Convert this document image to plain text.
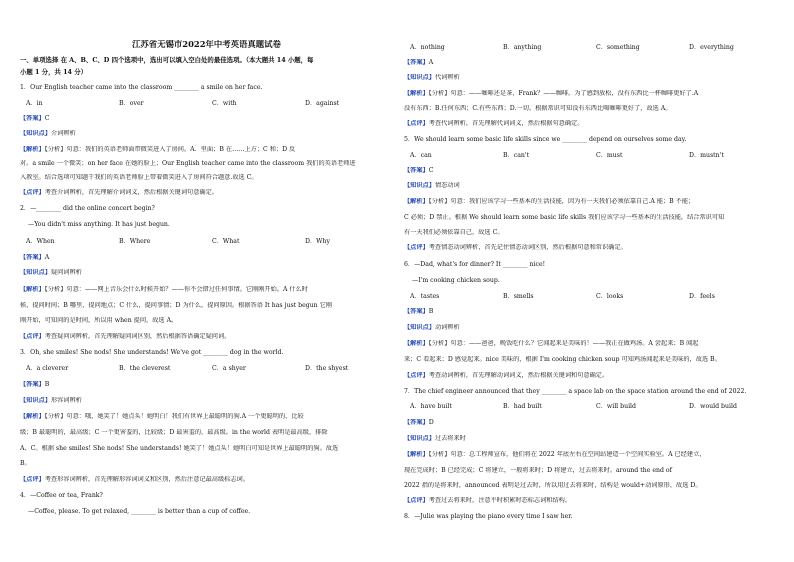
江苏省无锡市2022年中考英语真题试卷
一、单项选择 在 A、B、C、D 四个选项中，选出可以填入空白处的最佳选项。（本大题共 14 小题，每
小题 1 分，共 14 分）
1．Our English teacher came into the classroom ________ a smile on her face.
A．in	B．over	C．with	D．against
【答案】C
【知识点】介词辨析
【解析】【分析】句意：我们的英语老师面带微笑进入了房间。A．里面；B 在……上方；C 和；D 反
对。a smile 一个微笑；on her face 在她的脸上；Our English teacher came into the classroom 我们的英语老师进
入教室。结合选项可知题干我们的英语老师脸上带着微笑进入了房间符合题意.故选 C。
【点评】考查介词辨析，首先理解介词词义，然后根据关键词句意确定。
2．—________ did the online concert begin?
—You didn't miss anything. It has just begun.
A．When	B．Where	C．What	D．Why
【答案】A
【知识点】疑问词辨析
【解析】【分析】句意：——网上音乐会什么时候开始？——你不会错过任何事情。它刚刚开始。A 什么时
候，提问时间；B 哪里，提问地点；C 什么，提问事情；D 为什么，提问原因。根据答语 It has just begun 它刚
刚开始，可知问的是时间，所以用 when 提问，故选 A。
【点评】考查疑问词辨析，首先理解疑问词区别，然后根据答语确定疑问词。
3．Oh, she smiles! She nods! She understands! We've got ________ dog in the world.
A．a cleverer	B．the cleverest	C．a shyer	D．the shyest
【答案】B
【知识点】形容词辨析
【解析】【分析】句意：哦，她笑了！她点头！她明白！我们有世界上最聪明的狗.A 一个更聪明的，比较
级；B 最聪明的，最高级；C 一个更害羞的，比较级；D 最害羞的，最高级。in the world 表明是最高级，排除
A、C。根据 she smiles! She nods! She understands! 她笑了！她点头！她明白可知是世界上最聪明的狗。故选
B。
【点评】考查形容词辨析，首先理解形容词词义和区别，然后注意记最高级标志词。
4．—Coffee or tea, Frank?
—Coffee, please. To get relaxed, ________ is better than a cup of coffee.
A．nothing	B．anything	C．something	D．everything
【答案】A
【知识点】代词辨析
【解析】【分析】句意：——咖啡还是茶，Frank？——咖啡。为了感到放松，没有东西比一杯咖啡更好了.A
没有东西；B.任何东西；C.有些东西；D.一切。根据常识可知没有东西比喝咖啡更好了，故选 A。
【点评】考查代词辨析，首先理解代词词义，然后根据句意确定。
5．We should learn some basic life skills since we ________ depend on ourselves some day.
A．can	B．can't	C．must	D．mustn't
【答案】C
【知识点】情态动词
【解析】【分析】句意：我们应该学习一些基本的生活技能，因为有一天我们必须依靠自己.A 能；B 不能；
C 必须；D 禁止。根据 We should learn some basic life skills 我们应该学习一些基本的生活技能，结合常识可知
有一天我们必须依靠自己，故选 C。
【点评】考查情态动词辨析，首先记住情态动词区别，然后根据句意和常识确定。
6．—Dad, what's for dinner? It ________ nice!
—I'm cooking chicken soup.
A．tastes	B．smells	C．looks	D．feels
【答案】B
【知识点】动词辨析
【解析】【分析】句意：——爸爸，晚饭吃什么？它闻起来是美味的！——我正在做鸡汤。A 尝起来；B 闻起
来；C 看起来；D 感觉起来。nice 美味的，根据 I'm cooking chicken soup 可知鸡汤闻起来是美味的，故选 B。
【点评】考查动词辨析，首先理解动词词义，然后根据关键词和句意确定。
7．The chief engineer announced that they ________ a space lab on the space station around the end of 2022.
A．have built	B．had built	C．will build	D．would build
【答案】D
【知识点】过去将来时
【解析】【分析】句意：总工程师宣布，他们将在 2022 年底左右在空间站建造一个空间实验室。A 已经建立，
现在完成时；B 已经完成；C 将建立，一般将来时；D 将建立，过去将来时。around the end of
2022 指的是将来时，announced 表明是过去时，所以用过去将来时，结构是 would+动词原形，故选 D。
【点评】考查过去将来时，注意平时积累时态标志词和结构。
8．—Julie was playing the piano every time I saw her.
